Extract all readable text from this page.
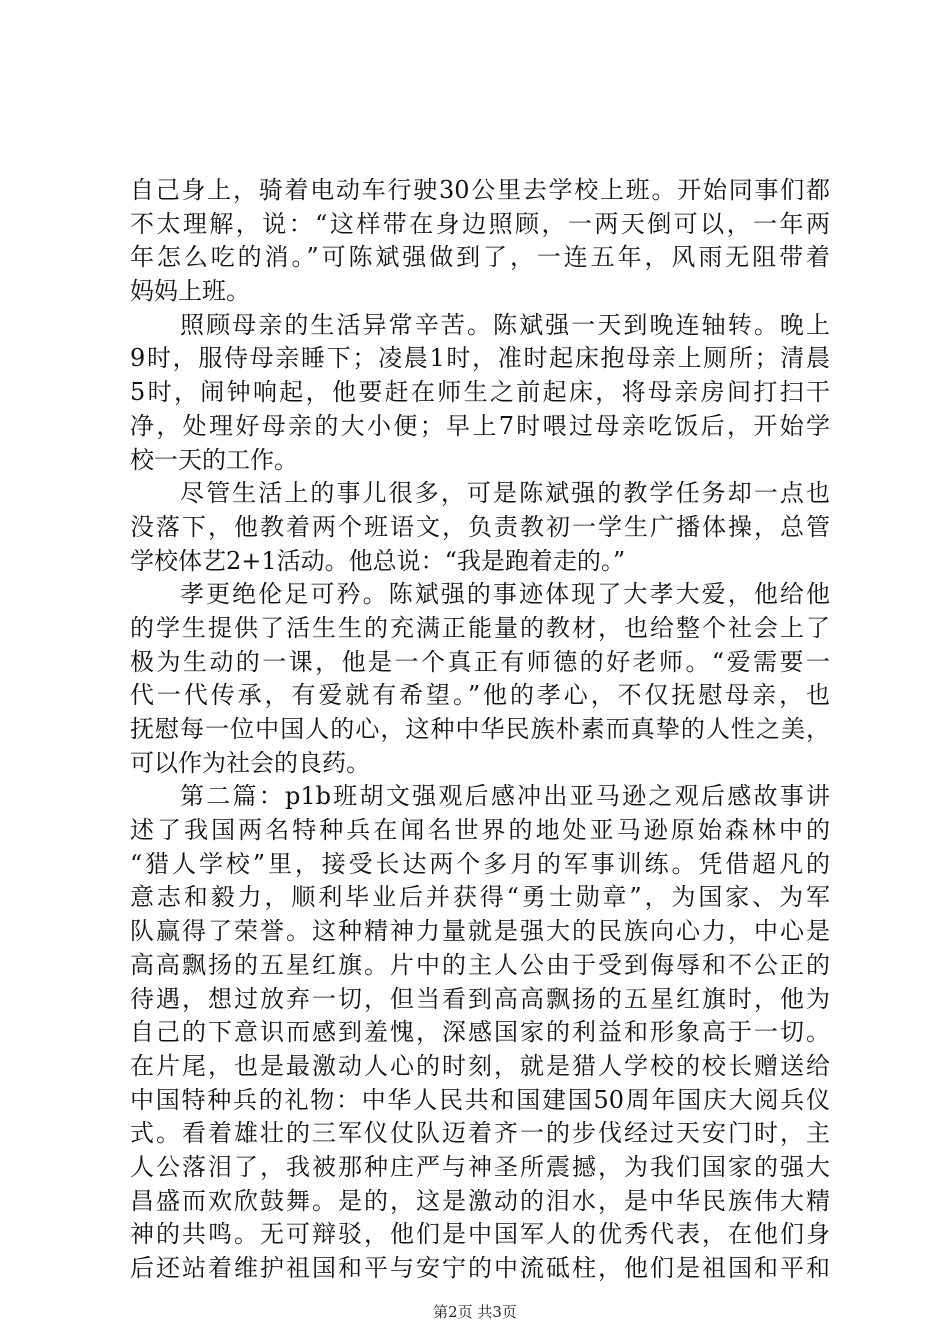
自己身上，骑着电动车行驶30公里去学校上班。开始同事们都
不太理解，说：“这样带在身边照顾，一两天倒可以，一年两
年怎么吃的消。”可陈斌强做到了，一连五年，风雨无阻带着
妈妈上班。
照顾母亲的生活异常辛苦。陈斌强一天到晚连轴转。晚上
9时，服侍母亲睡下；凌晨1时，准时起床抱母亲上厕所；清晨
5时，闹钟响起，他要赶在师生之前起床，将母亲房间打扫干
净，处理好母亲的大小便；早上7时喂过母亲吃饭后，开始学
校一天的工作。
尽管生活上的事儿很多，可是陈斌强的教学任务却一点也
没落下，他教着两个班语文，负责教初一学生广播体操，总管
学校体艺2+1活动。他总说：“我是跑着走的。”
孝更绝伦足可矜。陈斌强的事迹体现了大孝大爱，他给他
的学生提供了活生生的充满正能量的教材，也给整个社会上了
极为生动的一课，他是一个真正有师德的好老师。“爱需要一
代一代传承，有爱就有希望。”他的孝心，不仅抚慰母亲，也
抚慰每一位中国人的心，这种中华民族朴素而真挚的人性之美，
可以作为社会的良药。
第二篇：p1b班胡文强观后感冲出亚马逊之观后感故事讲
述了我国两名特种兵在闻名世界的地处亚马逊原始森林中的
“猎人学校”里，接受长达两个多月的军事训练。凭借超凡的
意志和毅力，顺利毕业后并获得“勇士勋章”，为国家、为军
队赢得了荣誉。这种精神力量就是强大的民族向心力，中心是
高高飘扬的五星红旗。片中的主人公由于受到侮辱和不公正的
待遇，想过放弃一切，但当看到高高飘扬的五星红旗时，他为
自己的下意识而感到羞愧，深感国家的利益和形象高于一切。
在片尾，也是最激动人心的时刻，就是猎人学校的校长赠送给
中国特种兵的礼物：中华人民共和国建国50周年国庆大阅兵仪
式。看着雄壮的三军仪仗队迈着齐一的步伐经过天安门时，主
人公落泪了，我被那种庄严与神圣所震撼，为我们国家的强大
昌盛而欢欣鼓舞。是的，这是激动的泪水，是中华民族伟大精
神的共鸣。无可辩驳，他们是中国军人的优秀代表，在他们身
后还站着维护祖国和平与安宁的中流砥柱，他们是祖国和平和
第2页 共3页
